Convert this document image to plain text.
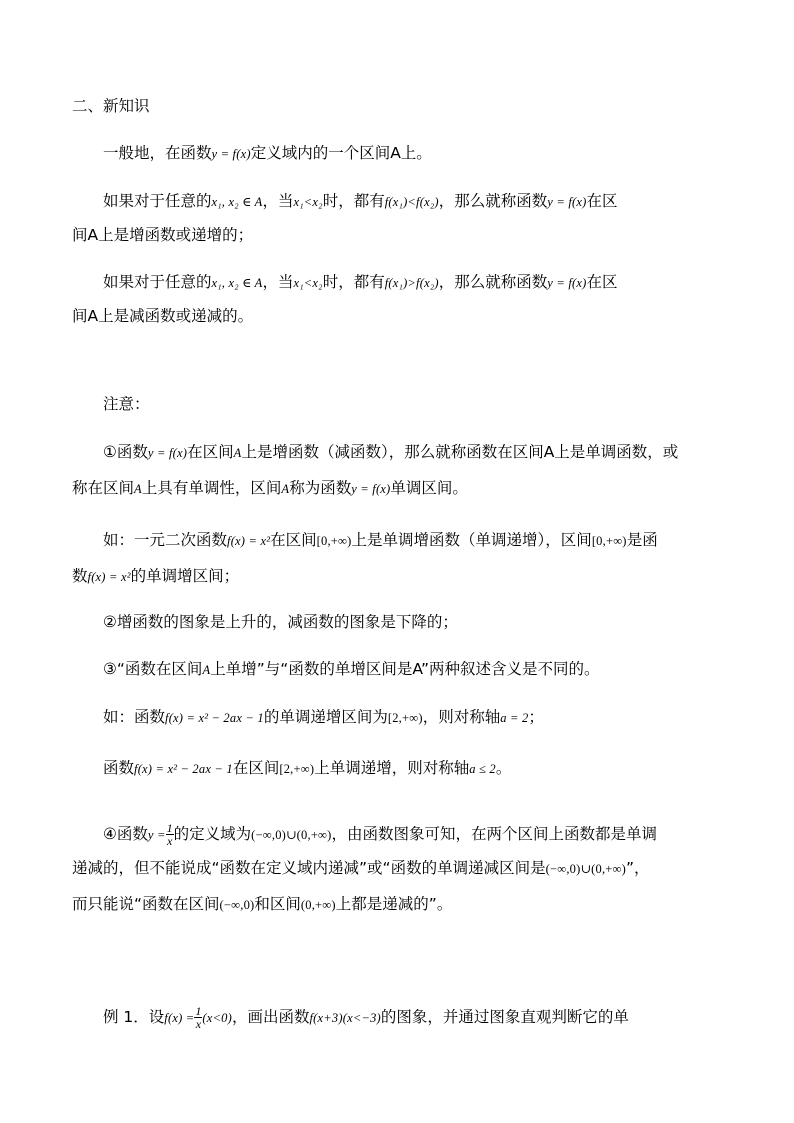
二、新知识
一般地，在函数y = f(x)定义域内的一个区间A上。
如果对于任意的x₁, x₂ ∈ A，当x₁<x₂时，都有f(x₁)<f(x₂)，那么就称函数y = f(x)在区
间A上是增函数或递增的；
如果对于任意的x₁, x₂ ∈ A，当x₁<x₂时，都有f(x₁)>f(x₂)，那么就称函数y = f(x)在区
间A上是减函数或递减的。
注意：
①函数y = f(x)在区间A上是增函数（减函数），那么就称函数在区间A上是单调函数，或
称在区间A上具有单调性，区间A称为函数y = f(x)单调区间。
如：一元二次函数f(x) = x²在区间[0,+∞)上是单调增函数（单调递增），区间[0,+∞)是函
数f(x) = x²的单调增区间；
②增函数的图象是上升的，减函数的图象是下降的；
③“函数在区间A上单增”与“函数的单增区间是A”两种叙述含义是不同的。
如：函数f(x) = x² − 2ax − 1的单调递增区间为[2,+∞)，则对称轴a = 2；
函数f(x) = x² − 2ax − 1在区间[2,+∞)上单调递增，则对称轴a ≤ 2。
④函数$y = \frac{1}{x}$ 的定义域为(−∞,0)∪(0,+∞)，由函数图象可知，在两个区间上函数都是单调
递减的，但不能说成“函数在定义域内递减”或“函数的单调递减区间是(−∞,0)∪(0,+∞)”，
而只能说“函数在区间(−∞,0)和区间(0,+∞)上都是递减的”。
例 1．设$f(x) = \frac{1}{x} (x<0)$，画出函数f(x+3)(x<−3)的图象，并通过图象直观判断它的单
